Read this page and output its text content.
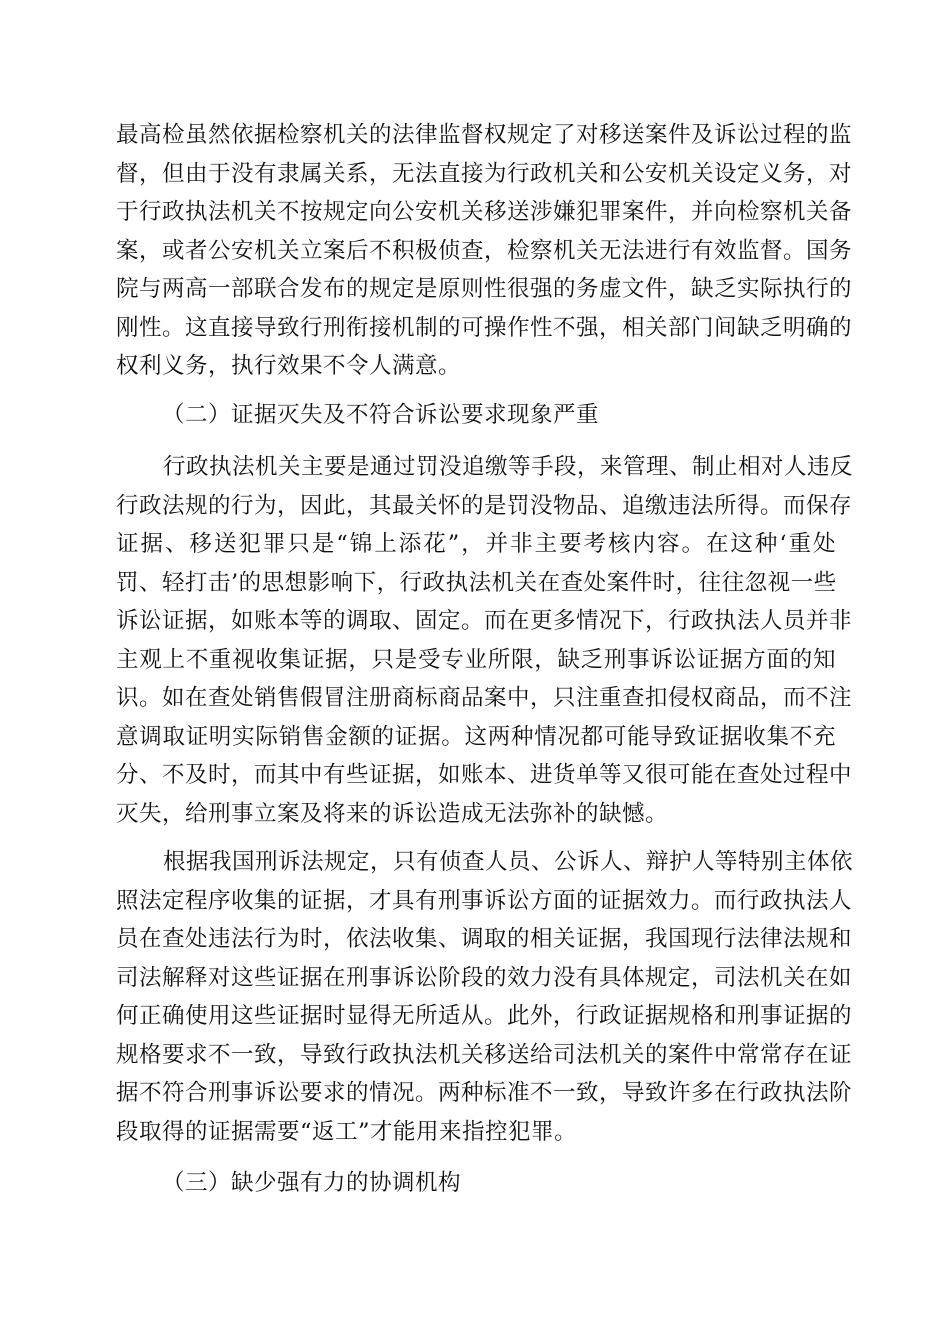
最高检虽然依据检察机关的法律监督权规定了对移送案件及诉讼过程的监
督，但由于没有隶属关系，无法直接为行政机关和公安机关设定义务，对
于行政执法机关不按规定向公安机关移送涉嫌犯罪案件，并向检察机关备
案，或者公安机关立案后不积极侦查，检察机关无法进行有效监督。国务
院与两高一部联合发布的规定是原则性很强的务虚文件，缺乏实际执行的
刚性。这直接导致行刑衔接机制的可操作性不强，相关部门间缺乏明确的
权利义务，执行效果不令人满意。
（二）证据灭失及不符合诉讼要求现象严重
行政执法机关主要是通过罚没追缴等手段，来管理、制止相对人违反
行政法规的行为，因此，其最关怀的是罚没物品、追缴违法所得。而保存
证据、移送犯罪只是“锦上添花”，并非主要考核内容。在这种‘重处
罚、轻打击’的思想影响下，行政执法机关在查处案件时，往往忽视一些
诉讼证据，如账本等的调取、固定。而在更多情况下，行政执法人员并非
主观上不重视收集证据，只是受专业所限，缺乏刑事诉讼证据方面的知
识。如在查处销售假冒注册商标商品案中，只注重查扣侵权商品，而不注
意调取证明实际销售金额的证据。这两种情况都可能导致证据收集不充
分、不及时，而其中有些证据，如账本、进货单等又很可能在查处过程中
灭失，给刑事立案及将来的诉讼造成无法弥补的缺憾。
根据我国刑诉法规定，只有侦查人员、公诉人、辩护人等特别主体依
照法定程序收集的证据，才具有刑事诉讼方面的证据效力。而行政执法人
员在查处违法行为时，依法收集、调取的相关证据，我国现行法律法规和
司法解释对这些证据在刑事诉讼阶段的效力没有具体规定，司法机关在如
何正确使用这些证据时显得无所适从。此外，行政证据规格和刑事证据的
规格要求不一致，导致行政执法机关移送给司法机关的案件中常常存在证
据不符合刑事诉讼要求的情况。两种标准不一致，导致许多在行政执法阶
段取得的证据需要“返工”才能用来指控犯罪。
（三）缺少强有力的协调机构
